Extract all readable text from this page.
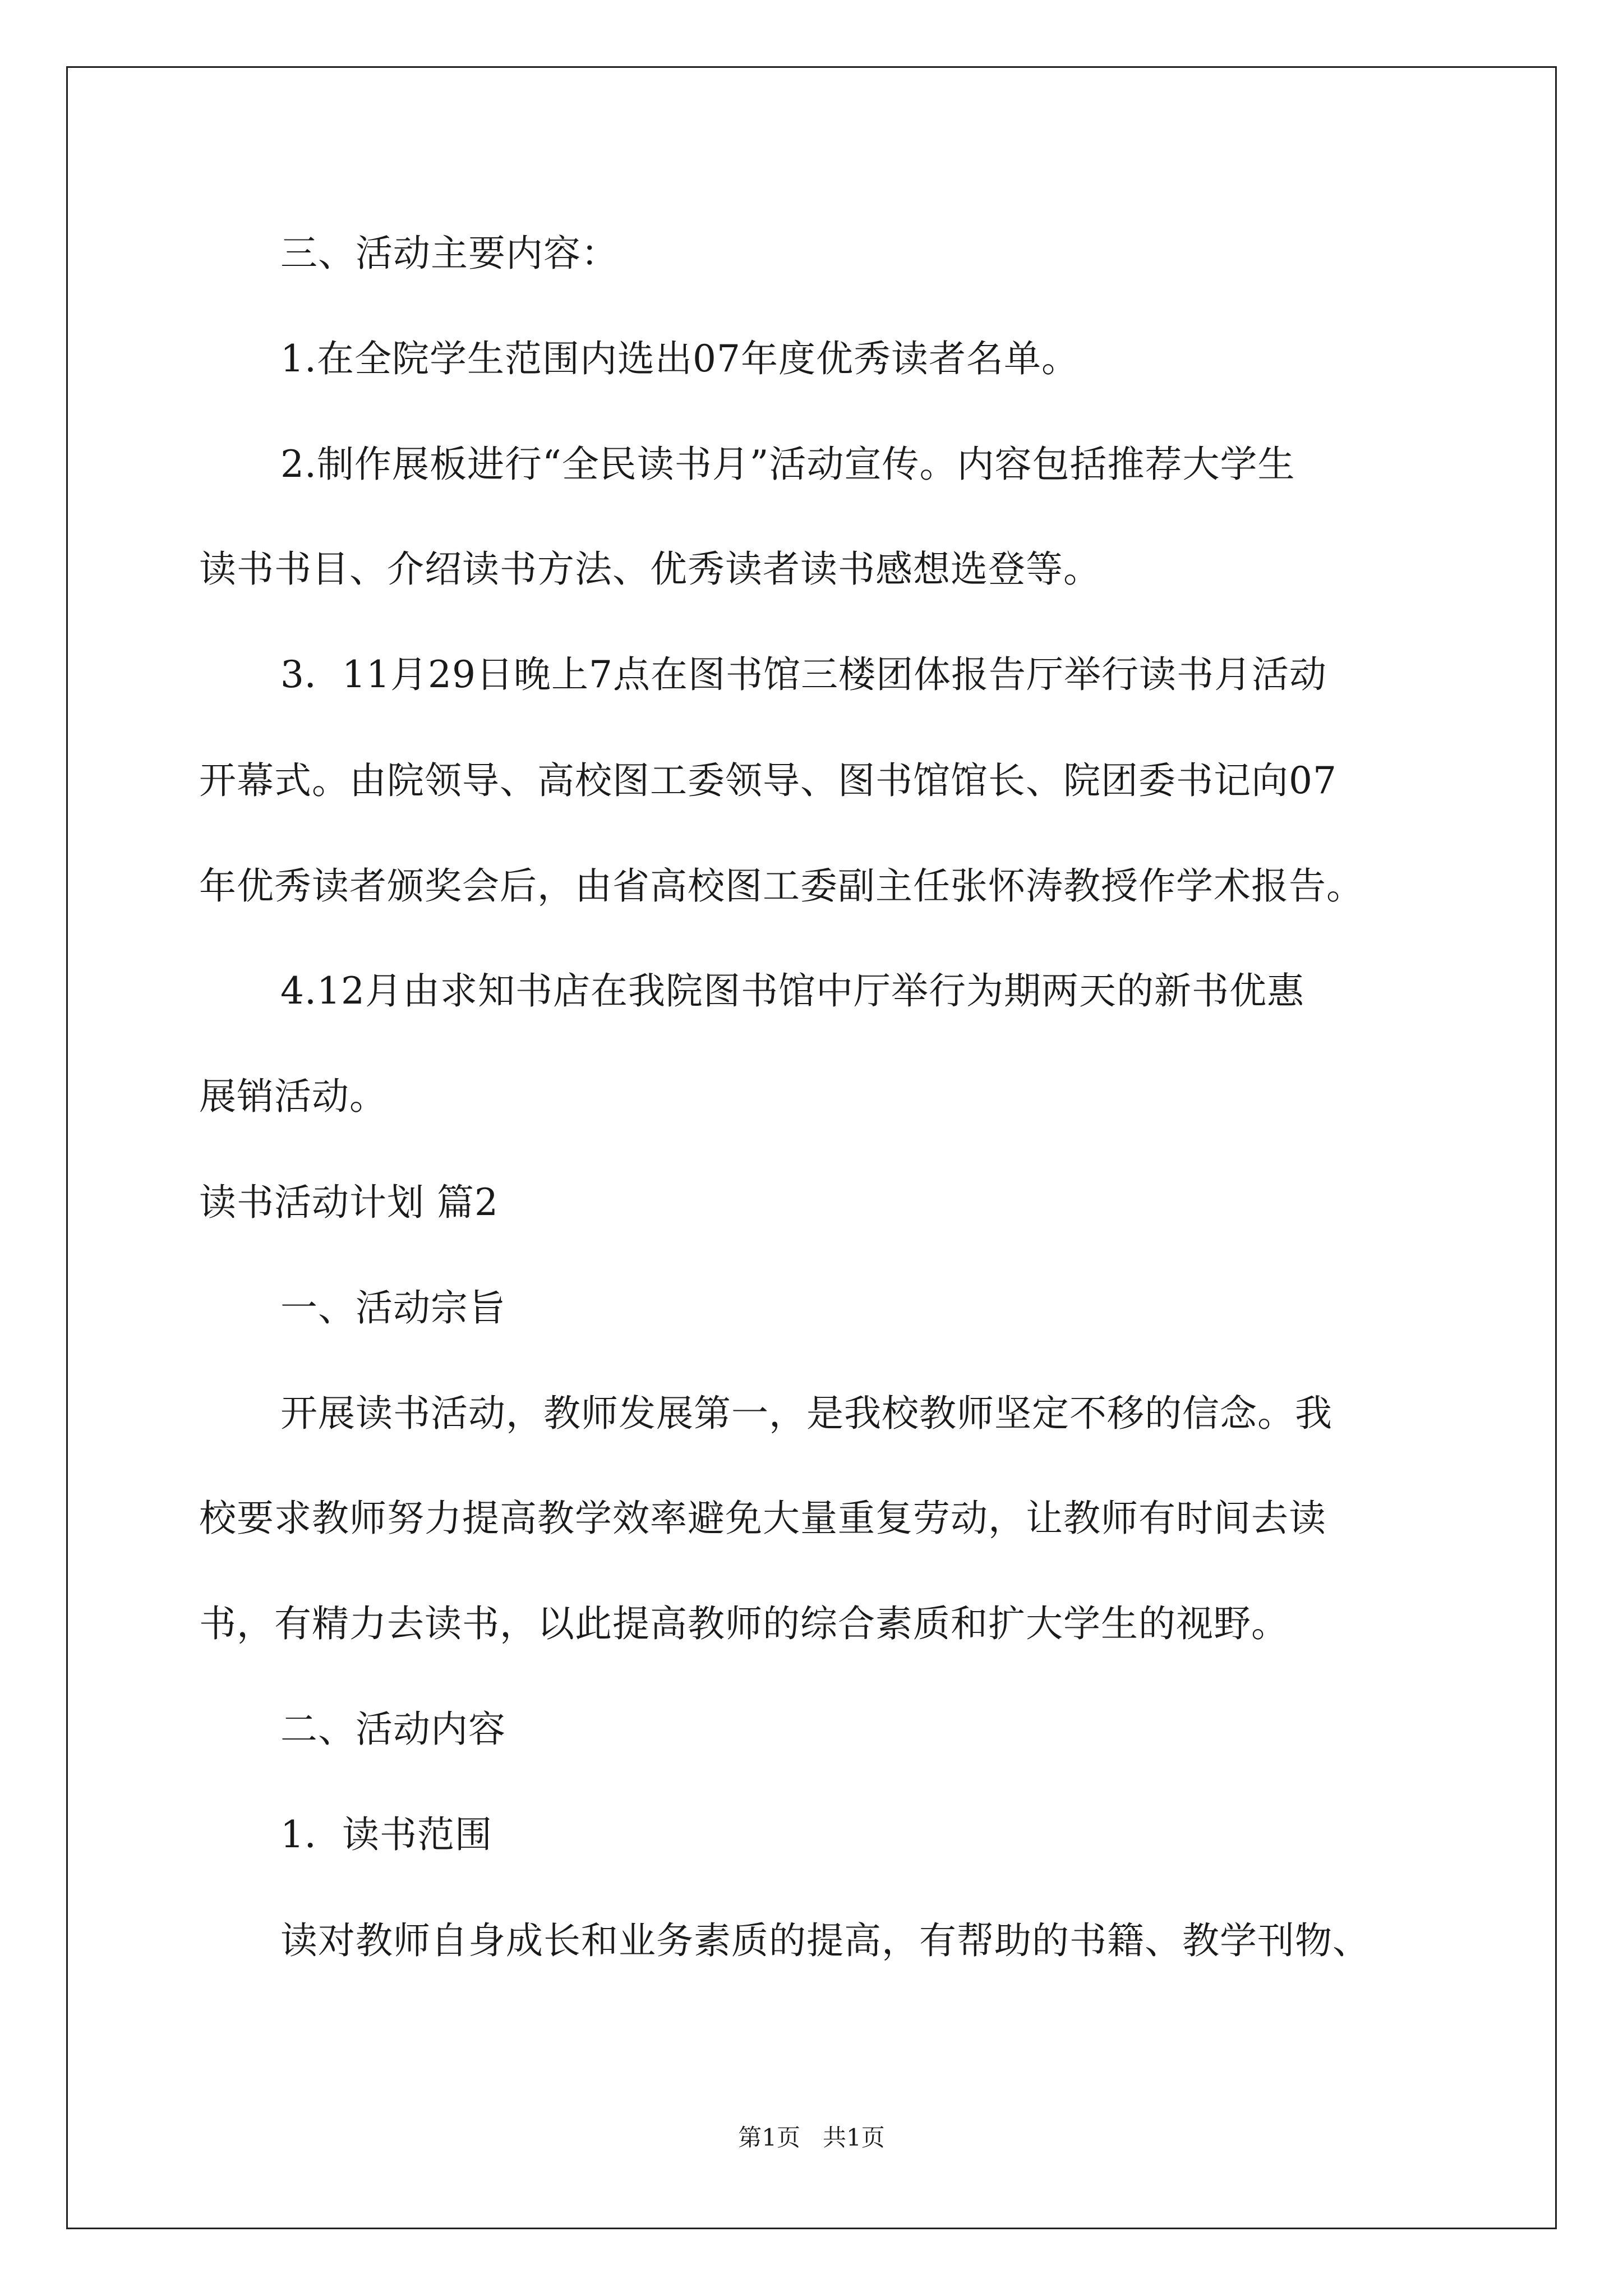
三、活动主要内容：
1.在全院学生范围内选出07年度优秀读者名单。
2.制作展板进行“全民读书月”活动宣传。内容包括推荐大学生
读书书目、介绍读书方法、优秀读者读书感想选登等。
3．11月29日晚上7点在图书馆三楼团体报告厅举行读书月活动
开幕式。由院领导、高校图工委领导、图书馆馆长、院团委书记向07
年优秀读者颁奖会后，由省高校图工委副主任张怀涛教授作学术报告。
4.12月由求知书店在我院图书馆中厅举行为期两天的新书优惠
展销活动。
读书活动计划 篇2
一、活动宗旨
开展读书活动，教师发展第一，是我校教师坚定不移的信念。我
校要求教师努力提高教学效率避免大量重复劳动，让教师有时间去读
书，有精力去读书，以此提高教师的综合素质和扩大学生的视野。
二、活动内容
1．读书范围
读对教师自身成长和业务素质的提高，有帮助的书籍、教学刊物、
第1页   共1页
